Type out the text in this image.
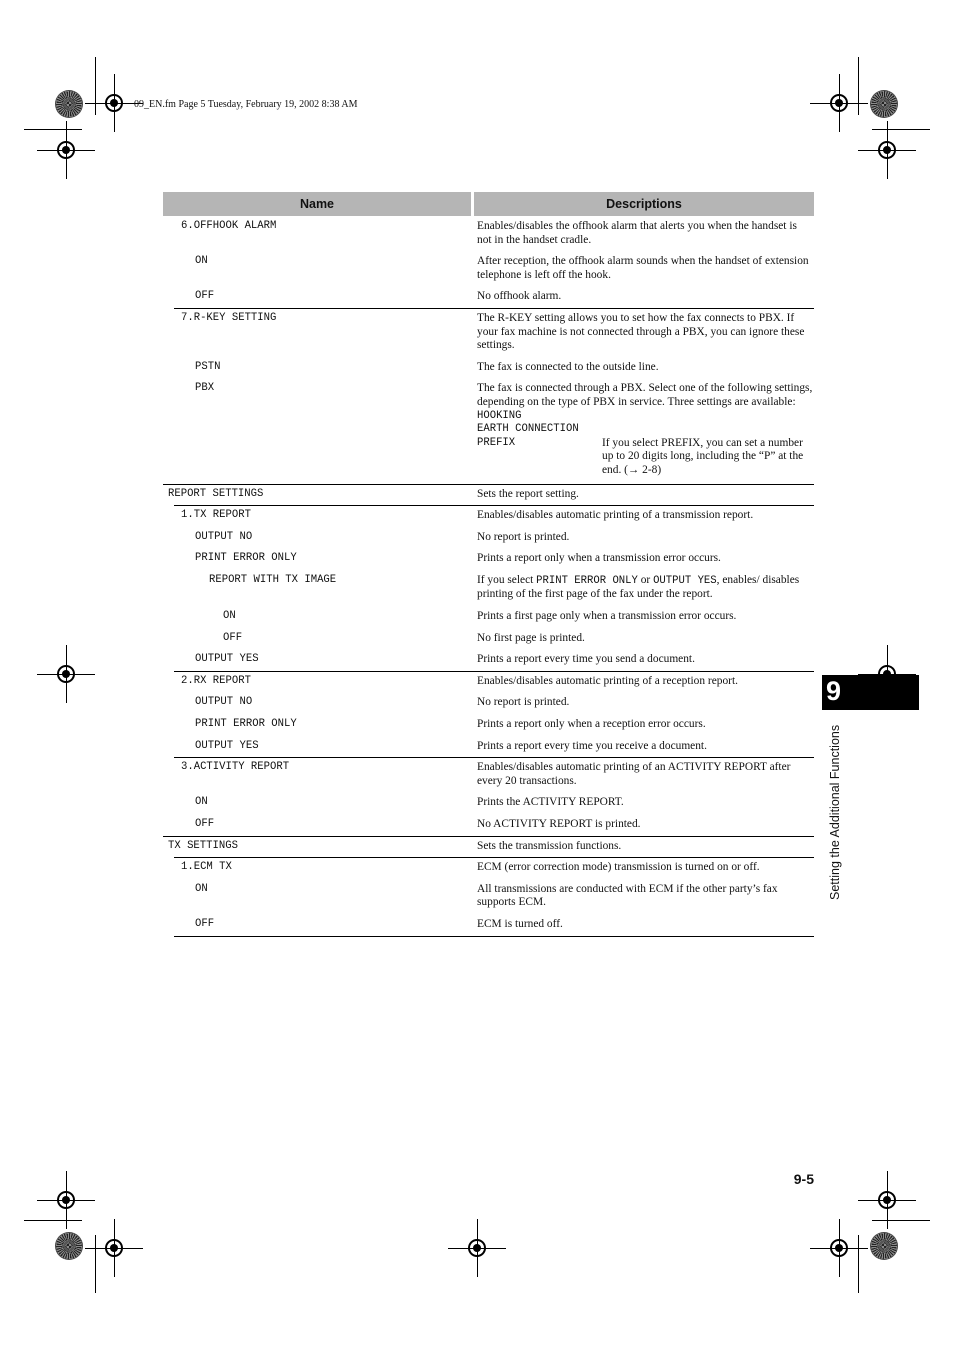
09_EN.fm Page 5 Tuesday, February 19, 2002 8:38 AM
Name	Descriptions
6.OFFHOOK ALARM	Enables/disables the offhook alarm that alerts you when the handset is not in the handset cradle.
ON	After reception, the offhook alarm sounds when the handset of extension telephone is left off the hook.
OFF	No offhook alarm.
7.R-KEY SETTING	The R-KEY setting allows you to set how the fax connects to PBX. If your fax machine is not connected through a PBX, you can ignore these settings.
PSTN	The fax is connected to the outside line.
PBX	The fax is connected through a PBX. Select one of the following settings, depending on the type of PBX in service. Three settings are available:
HOOKING
EARTH CONNECTION
PREFIX	If you select PREFIX, you can set a number up to 20 digits long, including the “P” at the end. (→ 2-8)
REPORT SETTINGS	Sets the report setting.
1.TX REPORT	Enables/disables automatic printing of a transmission report.
OUTPUT NO	No report is printed.
PRINT ERROR ONLY	Prints a report only when a transmission error occurs.
REPORT WITH TX IMAGE	If you select PRINT ERROR ONLY or OUTPUT YES, enables/ disables printing of the first page of the fax under the report.
ON	Prints a first page only when a transmission error occurs.
OFF	No first page is printed.
OUTPUT YES	Prints a report every time you send a document.
2.RX REPORT	Enables/disables automatic printing of a reception report.
OUTPUT NO	No report is printed.
PRINT ERROR ONLY	Prints a report only when a reception error occurs.
OUTPUT YES	Prints a report every time you receive a document.
3.ACTIVITY REPORT	Enables/disables automatic printing of an ACTIVITY REPORT after every 20 transactions.
ON	Prints the ACTIVITY REPORT.
OFF	No ACTIVITY REPORT is printed.
TX SETTINGS	Sets the transmission functions.
1.ECM TX	ECM (error correction mode) transmission is turned on or off.
ON	All transmissions are conducted with ECM if the other party’s fax supports ECM.
OFF	ECM is turned off.
9
Setting the Additional Functions
9-5
